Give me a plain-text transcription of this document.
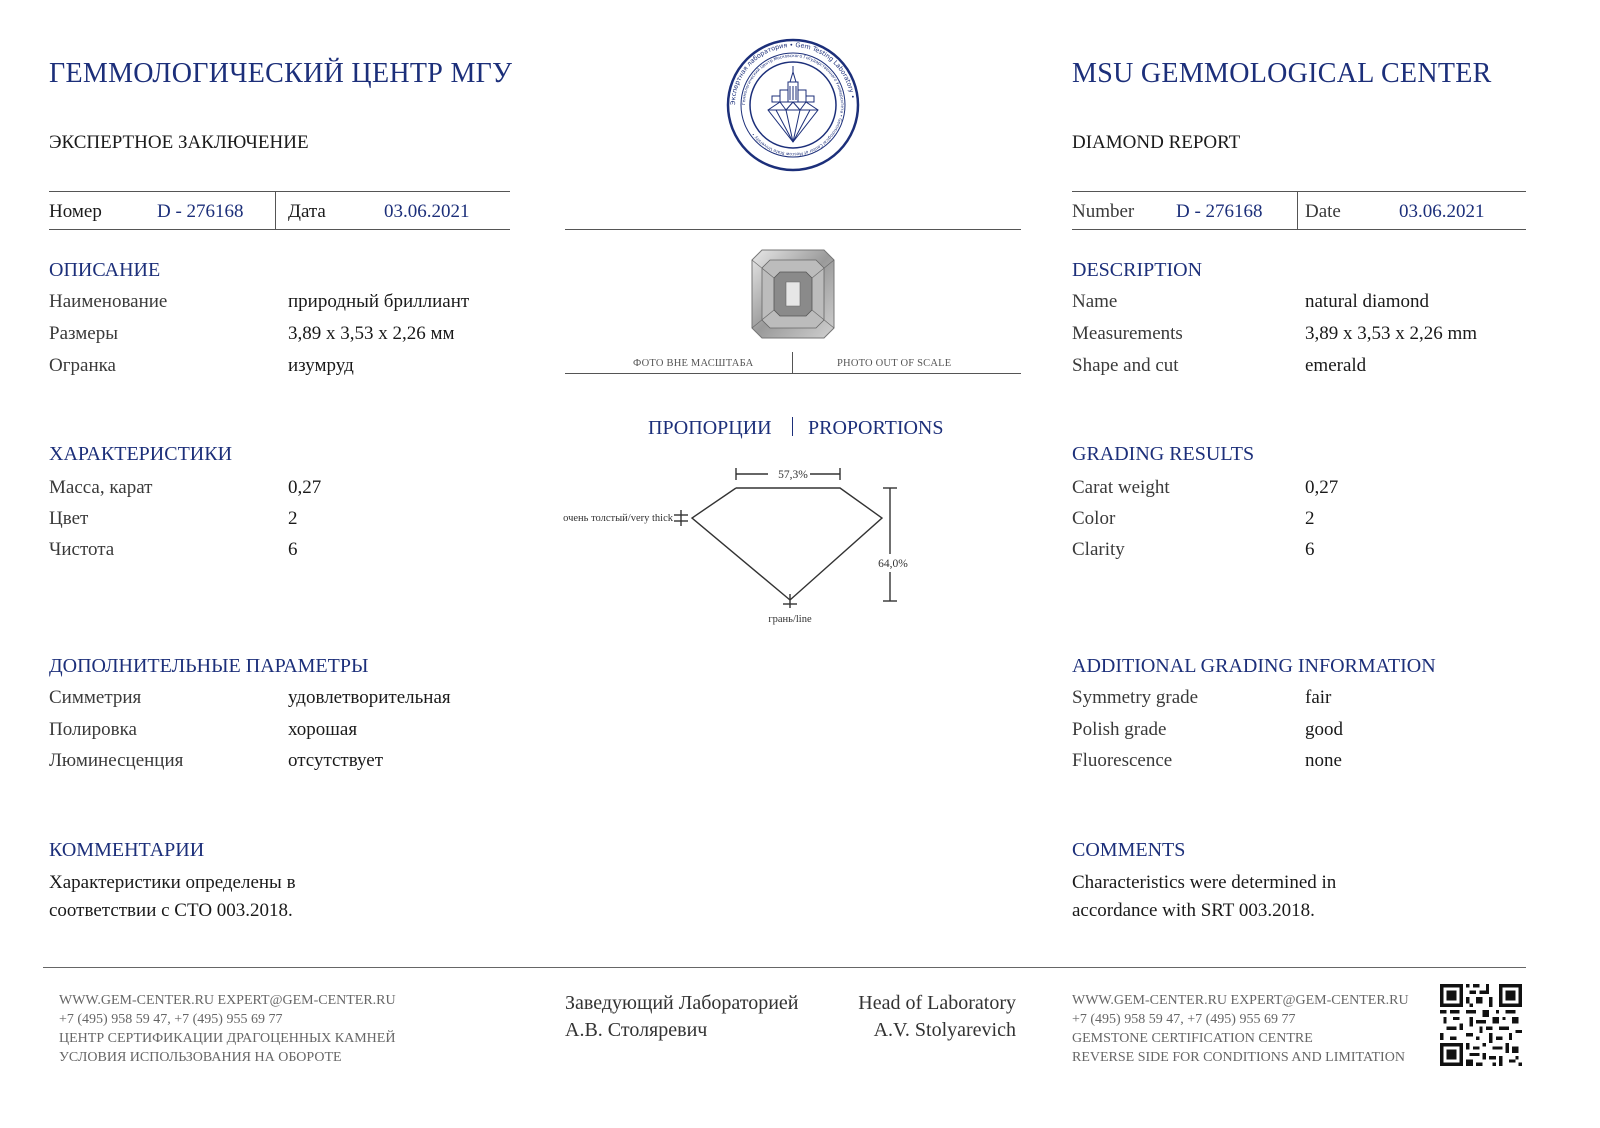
ГЕММОЛОГИЧЕСКИЙ ЦЕНТР МГУ
ЭКСПЕРТНОЕ ЗАКЛЮЧЕНИЕ
Номер	D - 276168 Дата	03.06.2021
ОПИСАНИЕ
Наименование	природный бриллиант
Размеры	3,89 x 3,53 x 2,26 мм
Огранка	изумруд
ХАРАКТЕРИСТИКИ
Масса, карат	0,27
Цвет	2
Чистота	6
ДОПОЛНИТЕЛЬНЫЕ ПАРАМЕТРЫ
Симметрия	удовлетворительная
Полировка	хорошая
Люминесценция	отсутствует
КОММЕНТАРИИ
Характеристики определены в
соответствии с СТО 003.2018.
MSU GEMMOLOGICAL CENTER
DIAMOND REPORT
Number D - 276168 Date	03.06.2021
DESCRIPTION
Name	natural diamond
Measurements	3,89 x 3,53 x 2,26 mm
Shape and cut	emerald
GRADING RESULTS
Carat weight	0,27
Color	2
Clarity	6
ADDITIONAL GRADING INFORMATION
Symmetry grade	fair
Polish grade	good
Fluorescence	none
COMMENTS
Characteristics were determined in
accordance with SRT 003.2018.
Экспертная лаборатория • Gem Testing Laboratory •
Геммологический Центр Московского Государственного Университета • Gemmological Center of Moscow State University •
ФОТО ВНЕ МАСШТАБА	PHOTO OUT OF SCALE
ПРОПОРЦИИ PROPORTIONS
57,3%
64,0%
очень толстый/very thick
грань/line
WWW.GEM-CENTER.RU EXPERT@GEM-CENTER.RU
+7 (495) 958 59 47, +7 (495) 955 69 77
ЦЕНТР СЕРТИФИКАЦИИ ДРАГОЦЕННЫХ КАМНЕЙ
УСЛОВИЯ ИСПОЛЬЗОВАНИЯ НА ОБОРОТЕ
Заведующий Лабораторией
А.В. Столяревич
Head of Laboratory
A.V. Stolyarevich
WWW.GEM-CENTER.RU EXPERT@GEM-CENTER.RU
+7 (495) 958 59 47, +7 (495) 955 69 77
GEMSTONE CERTIFICATION CENTRE
REVERSE SIDE FOR CONDITIONS AND LIMITATION
